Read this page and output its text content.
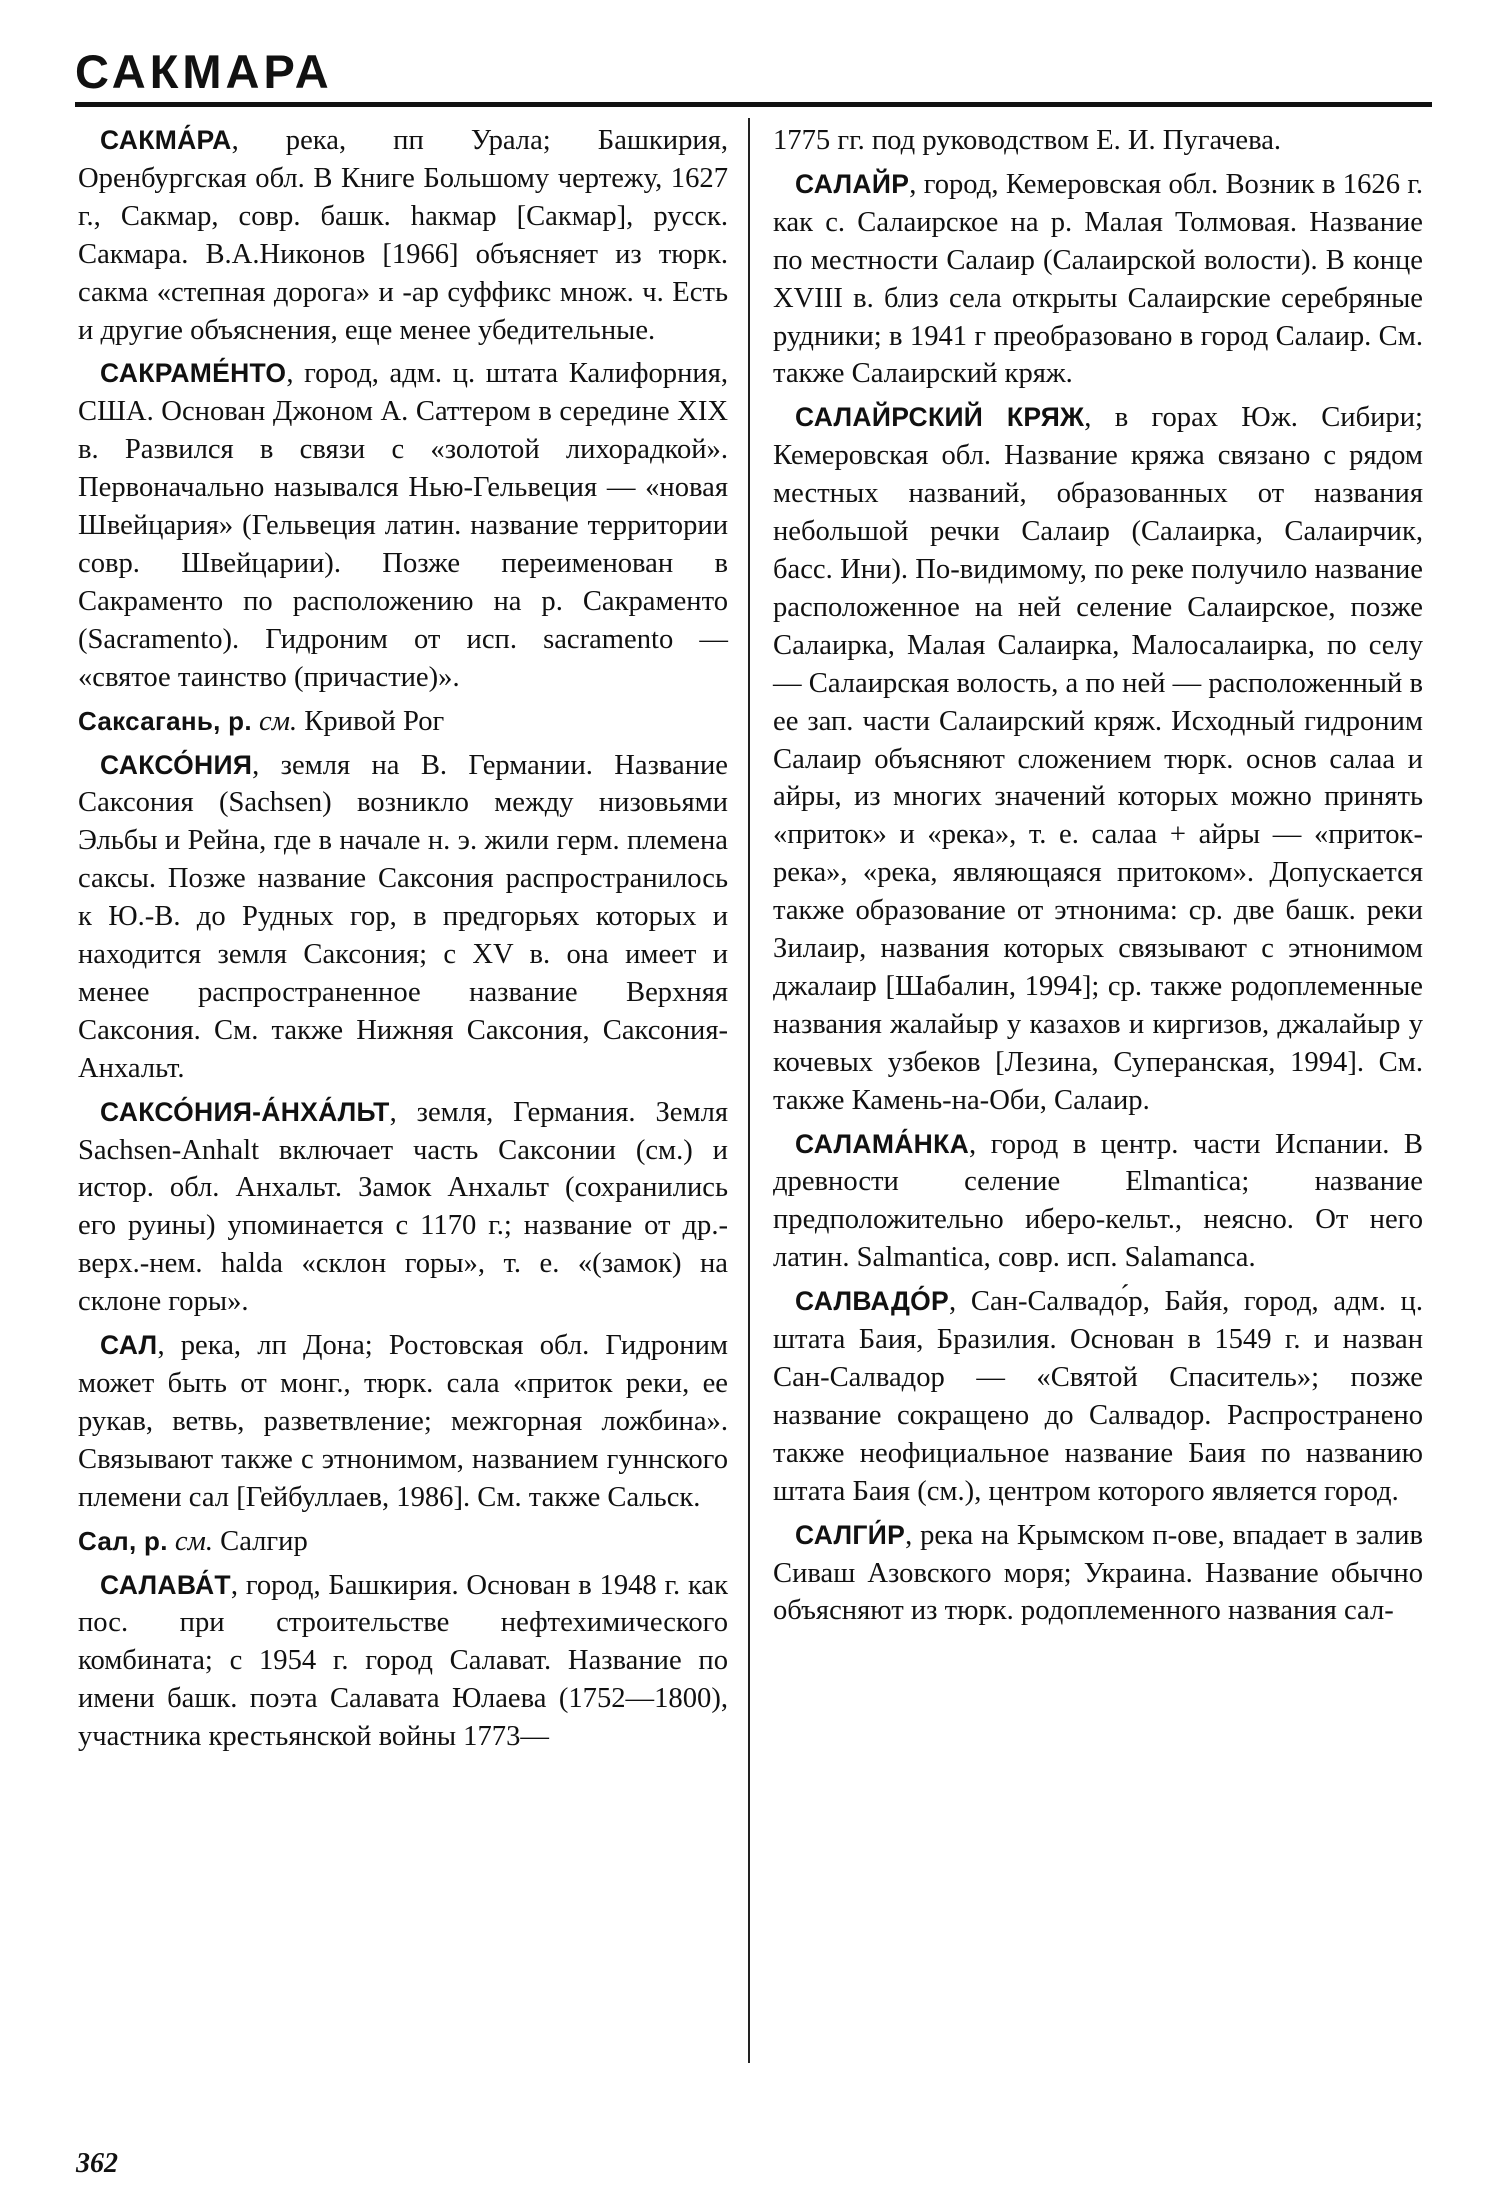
САКМАРА

САКМА́РА, река, пп Урала; Башкирия, Оренбургская обл. В Книге Большому чертежу, 1627 г., Сакмар, совр. башк. һакмар [Сакмар], русск. Сакмара. В.А.Никонов [1966] объясняет из тюрк. сакма «степная дорога» и -ар суффикс множ. ч. Есть и другие объяснения, еще менее убедительные.

САКРАМЕ́НТО, город, адм. ц. штата Калифорния, США. Основан Джоном А. Саттером в середине XIX в. Развился в связи с «золотой лихорадкой». Первоначально назывался Нью-Гельвеция — «новая Швейцария» (Гельвеция латин. название территории совр. Швейцарии). Позже переименован в Сакраменто по расположению на р. Сакраменто (Sacramento). Гидроним от исп. sacramento — «святое таинство (причастие)».

Саксагань, р. см. Кривой Рог

САКСО́НИЯ, земля на В. Германии. Название Саксония (Sachsen) возникло между низовьями Эльбы и Рейна, где в начале н. э. жили герм. племена саксы. Позже название Саксония распространилось к Ю.-В. до Рудных гор, в предгорьях которых и находится земля Саксония; с XV в. она имеет и менее распространенное название Верхняя Саксония. См. также Нижняя Саксония, Саксония-Анхальт.

САКСО́НИЯ-А́НХА́ЛЬТ, земля, Германия. Земля Sachsen-Anhalt включает часть Саксонии (см.) и истор. обл. Анхальт. Замок Анхальт (сохранились его руины) упоминается с 1170 г.; название от др.-верх.-нем. halda «склон горы», т. е. «(замок) на склоне горы».

САЛ, река, лп Дона; Ростовская обл. Гидроним может быть от монг., тюрк. сала «приток реки, ее рукав, ветвь, разветвление; межгорная ложбина». Связывают также с этнонимом, названием гуннского племени сал [Гейбуллаев, 1986]. См. также Сальск.

Сал, р. см. Салгир

САЛАВА́Т, город, Башкирия. Основан в 1948 г. как пос. при строительстве нефтехимического комбината; с 1954 г. город Салават. Название по имени башк. поэта Салавата Юлаева (1752—1800), участника крестьянской войны 1773—

1775 гг. под руководством Е. И. Пугачева.

САЛАЙР, город, Кемеровская обл. Возник в 1626 г. как с. Салаирское на р. Малая Толмовая. Название по местности Салаир (Салаирской волости). В конце XVIII в. близ села открыты Салаирские серебряные рудники; в 1941 г преобразовано в город Салаир. См. также Салаирский кряж.

САЛАЙРСКИЙ КРЯЖ, в горах Юж. Сибири; Кемеровская обл. Название кряжа связано с рядом местных названий, образованных от названия небольшой речки Салаир (Салаирка, Салаирчик, басс. Ини). По-видимому, по реке получило название расположенное на ней селение Салаирское, позже Салаирка, Малая Салаирка, Малосалаирка, по селу — Салаирская волость, а по ней — расположенный в ее зап. части Салаирский кряж. Исходный гидроним Салаир объясняют сложением тюрк. основ салаа и айры, из многих значений которых можно принять «приток» и «река», т. е. салаа + айры — «приток-река», «река, являющаяся притоком». Допускается также образование от этнонима: ср. две башк. реки Зилаир, названия которых связывают с этнонимом джалаир [Шабалин, 1994]; ср. также родоплеменные названия жалайыр у казахов и киргизов, джалайыр у кочевых узбеков [Лезина, Суперанская, 1994]. См. также Камень-на-Оби, Салаир.

САЛАМА́НКА, город в центр. части Испании. В древности селение Elmantica; название предположительно иберо-кельт., неясно. От него латин. Salmantica, совр. исп. Salamanca.

САЛВАДО́Р, Сан-Салвадо́р, Байя, город, адм. ц. штата Баия, Бразилия. Основан в 1549 г. и назван Сан-Салвадор — «Святой Спаситель»; позже название сокращено до Салвадор. Распространено также неофициальное название Баия по названию штата Баия (см.), центром которого является город.

САЛГИ́Р, река на Крымском п-ове, впадает в залив Сиваш Азовского моря; Украина. Название обычно объясняют из тюрк. родоплеменного названия сал-

362
